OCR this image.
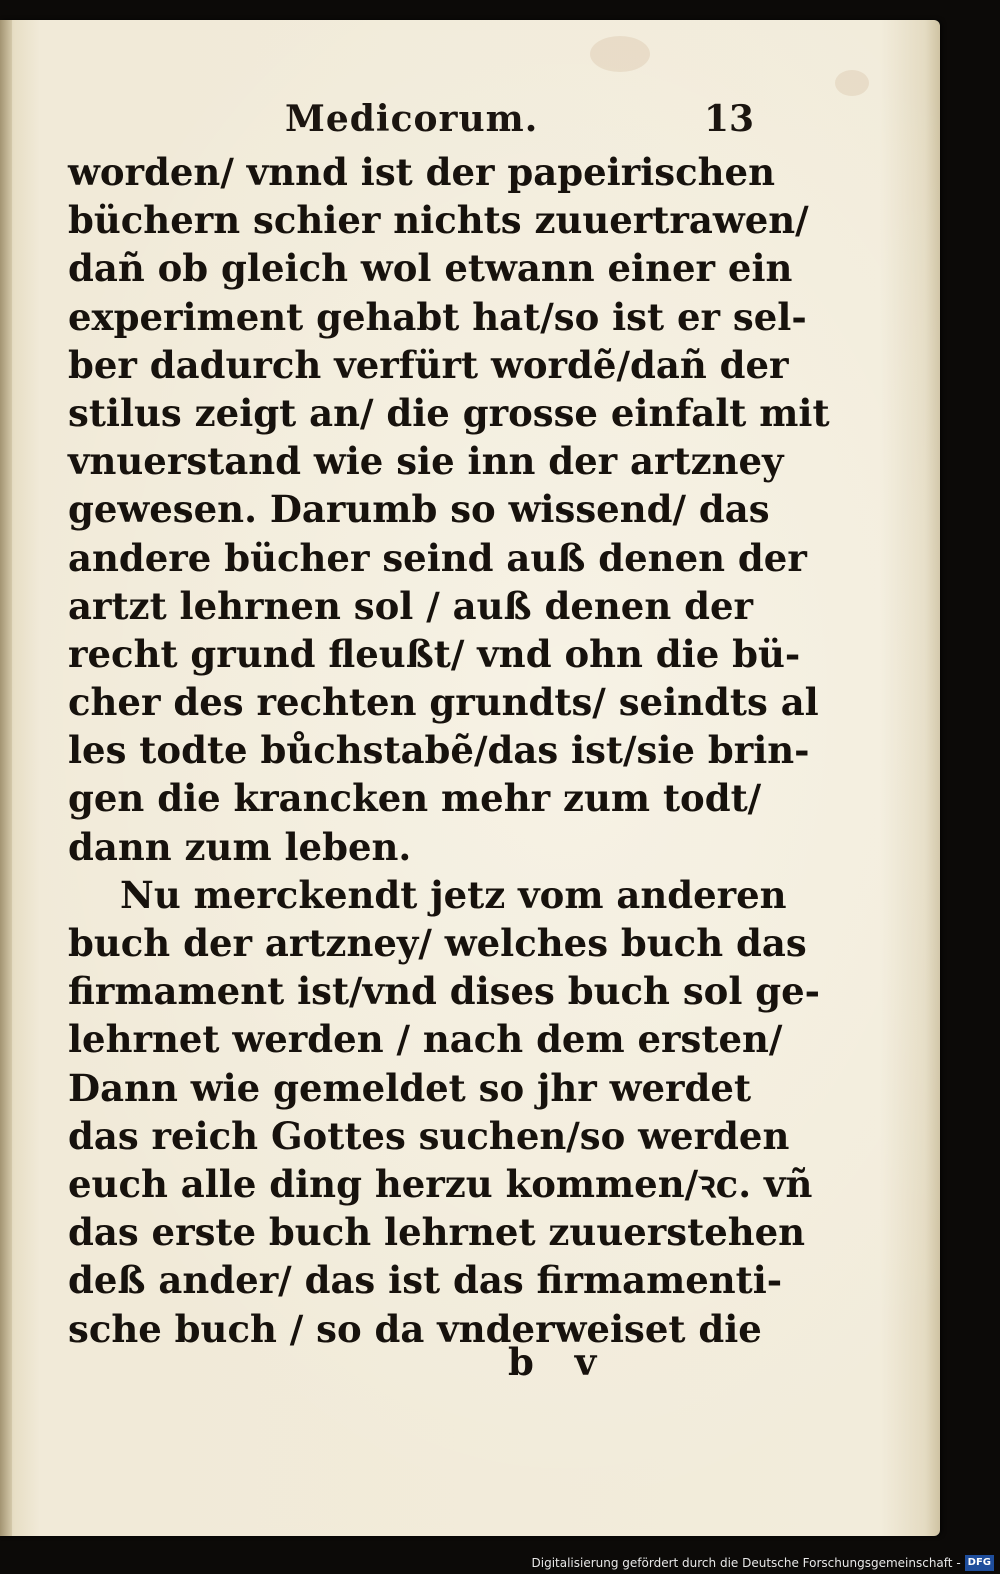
Medicorum.	13
worden/ vnnd ist der papeirischen
büchern schier nichts zuuertrawen/
dañ ob gleich wol etwann einer ein
experiment gehabt hat/so ist er sel-
ber dadurch verfürt wordẽ/dañ der
stilus zeigt an/ die grosse einfalt mit
vnuerstand wie sie inn der artzney
gewesen. Darumb so wissend/ das
andere bücher seind auß denen der
artzt lehrnen sol / auß denen der
recht grund fleußt/ vnd ohn die bü-
cher des rechten grundts/ seindts al
les todte bůchstabẽ/das ist/sie brin-
gen die krancken mehr zum todt/
dann zum leben.
Nu merckendt jetz vom anderen
buch der artzney/ welches buch das
firmament ist/vnd dises buch sol ge-
lehrnet werden / nach dem ersten/
Dann wie gemeldet so jhr werdet
das reich Gottes suchen/so werden
euch alle ding herzu kommen/ꝛc. vñ
das erste buch lehrnet zuuerstehen
deß ander/ das ist das firmamenti-
sche buch / so da vnderweiset die
b v
Digitalisierung gefördert durch die Deutsche Forschungsgemeinschaft - DFG
